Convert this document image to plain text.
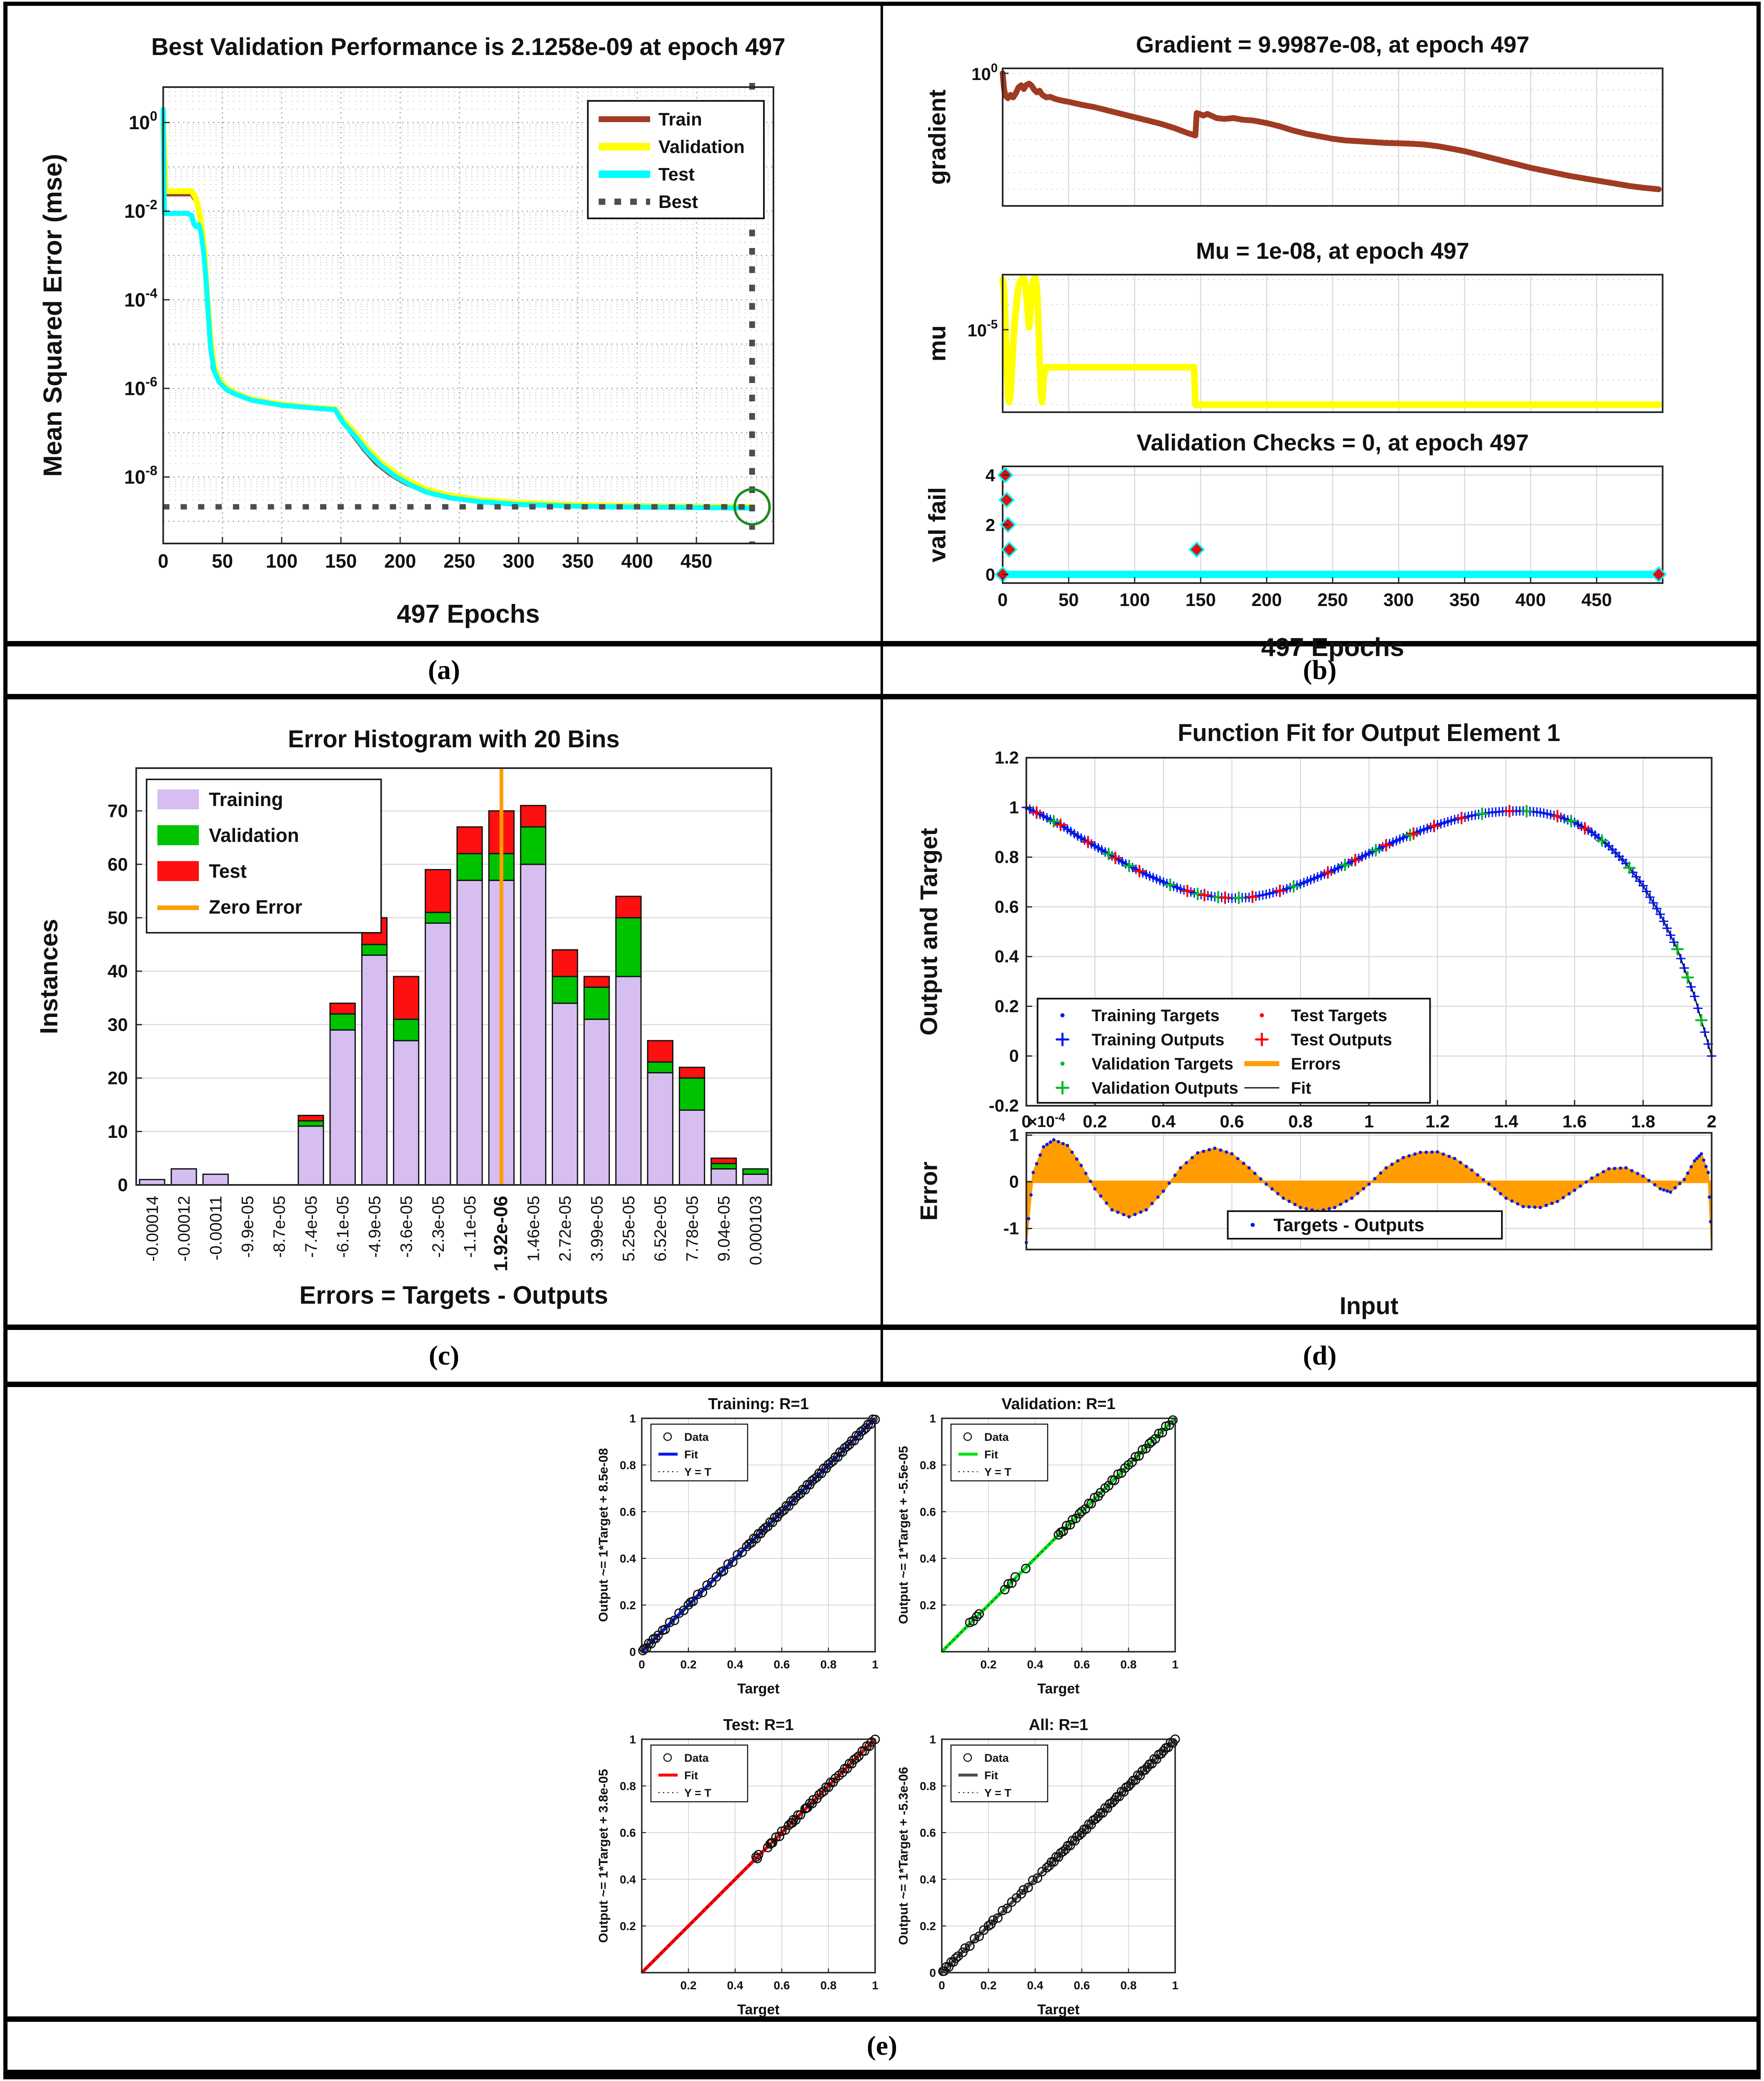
0 50 100 150 200 250 300 350 400 450
$10^0$
$10^{-2}$
$10^{-4}$
$10^{-6}$
$10^{-8}$
Best Validation Performance is 2.1258e-09 at epoch 497
497 Epochs
Mean Squared Error (mse)
Train
Validation
Test
Best
$10^0$
Gradient = 9.9987e-08, at epoch 497
gradient
$10^{-5}$
Mu = 1e-08, at epoch 497
mu
0
2
4
0	50 100 150 200 250 300 350 400 450
Validation Checks = 0, at epoch 497
val fail
497 Epochs
(a)	(b)
0
10
20
30
40
50
60
70
-0.00014 -0.00012 -0.00011 -9.9e-05 -8.7e-05 -7.4e-05 -6.1e-05 -4.9e-05 -3.6e-05 -2.3e-05 -1.1e-05 1.92e-06 1.46e-05 2.72e-05 3.99e-05 5.25e-05 6.52e-05 7.78e-05 9.04e-05 0.000103
Error Histogram with 20 Bins
Errors = Targets - Outputs
Instances
Training
Validation
Test
Zero Error
0	0.2	0.4	0.6	0.8	1	1.2	1.4	1.6	1.8	2
-0.2
0
0.2
0.4
0.6
0.8
1
1.2
-1
0
1
$\times 10^{-4}$
Function Fit for Output Element 1
Input
Output and Target
Error
Training Targets
Training Outputs
Validation Targets
Validation Outputs
Test Targets
Test Outputs
Errors
Fit
Targets - Outputs
(c)	(d)
0
0
0.2
0.2
0.4
0.4
0.6
0.6
0.8
0.8
1
1
Training: R=1
Target
Output ~= 1*Target + 8.5e-08
Data
Fit
Y = T
0.2
0.2
0.4
0.4
0.6
0.6
0.8
0.8
1
1
Validation: R=1
Target
Output ~= 1*Target + -5.5e-05
Data
Fit
Y = T
0.2
0.2
0.4
0.4
0.6
0.6
0.8
0.8
1
1
Test: R=1
Target
Output ~= 1*Target + 3.8e-05
Data
Fit
Y = T
0
0
0.2
0.2
0.4
0.4
0.6
0.6
0.8
0.8
1
1
All: R=1
Target
Output ~= 1*Target + -5.3e-06
Data
Fit
Y = T
(e)
